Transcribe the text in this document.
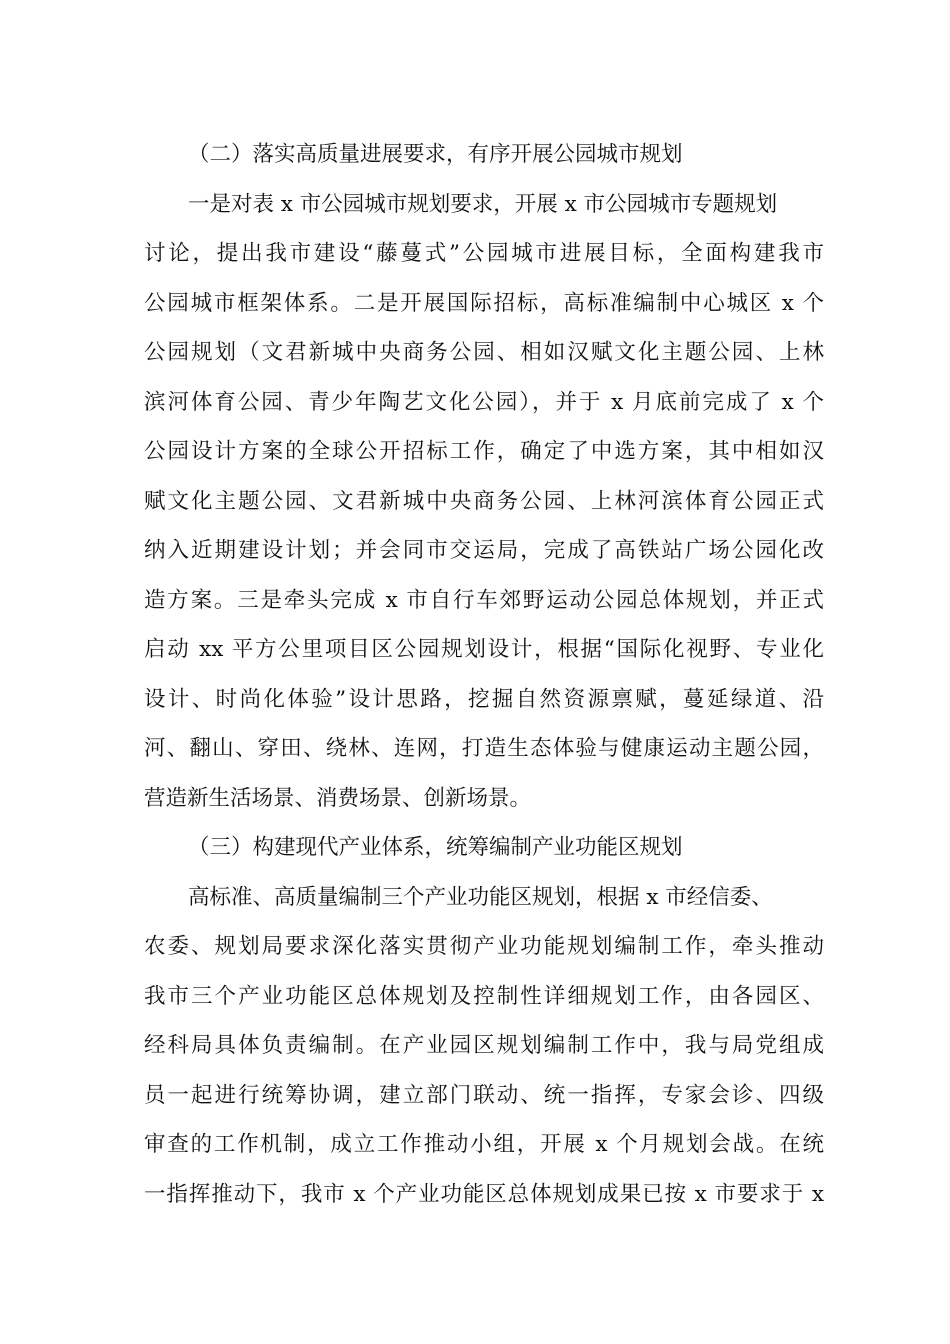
（二）落实高质量进展要求，有序开展公园城市规划
一是对表 x 市公园城市规划要求，开展 x 市公园城市专题规划
讨论，提出我市建设“藤蔓式”公园城市进展目标，全面构建我市
公园城市框架体系。二是开展国际招标，高标准编制中心城区 x 个
公园规划（文君新城中央商务公园、相如汉赋文化主题公园、上林
滨河体育公园、青少年陶艺文化公园），并于 x 月底前完成了 x 个
公园设计方案的全球公开招标工作，确定了中选方案，其中相如汉
赋文化主题公园、文君新城中央商务公园、上林河滨体育公园正式
纳入近期建设计划；并会同市交运局，完成了高铁站广场公园化改
造方案。三是牵头完成 x 市自行车郊野运动公园总体规划，并正式
启动 xx 平方公里项目区公园规划设计，根据“国际化视野、专业化
设计、时尚化体验”设计思路，挖掘自然资源禀赋，蔓延绿道、沿
河、翻山、穿田、绕林、连网，打造生态体验与健康运动主题公园，
营造新生活场景、消费场景、创新场景。
（三）构建现代产业体系，统筹编制产业功能区规划
高标准、高质量编制三个产业功能区规划，根据 x 市经信委、
农委、规划局要求深化落实贯彻产业功能规划编制工作，牵头推动
我市三个产业功能区总体规划及控制性详细规划工作，由各园区、
经科局具体负责编制。在产业园区规划编制工作中，我与局党组成
员一起进行统筹协调，建立部门联动、统一指挥，专家会诊、四级
审查的工作机制，成立工作推动小组，开展 x 个月规划会战。在统
一指挥推动下，我市 x 个产业功能区总体规划成果已按 x 市要求于 x
